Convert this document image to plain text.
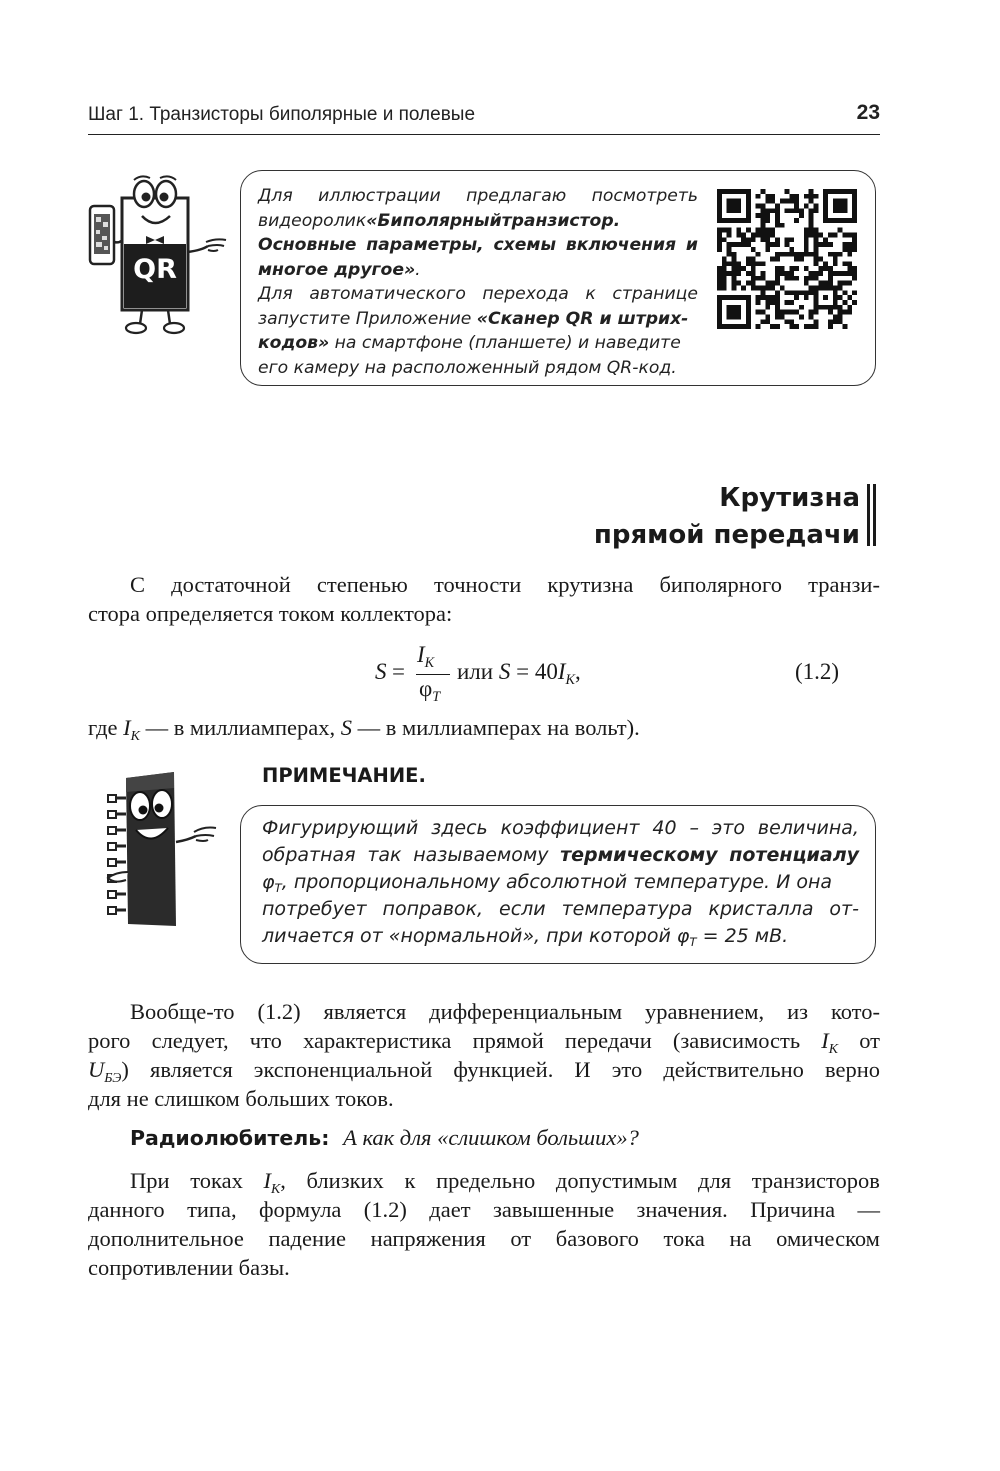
Шаг 1. Транзисторы биполярные и полевые	23
QR
Для иллюстрации предлагаю посмотреть
видеоролик«Биполярныйтранзистор.
Основные параметры, схемы включения и
многое другое».
Для автоматического перехода к странице
запустите Приложение «Сканер QR и штрих-
кодов» на смартфоне (планшете) и наведите
его камеру на расположенный рядом QR-код.
Крутизна
прямой передачи
С достаточной степенью точности крутизна биполярного транзи-
стора определяется током коллектора:
S =
$I_К$
$\varphi_T$
или $S = 40I_К$,	(1.2)
где $I_К$ — в миллиамперах, S — в миллиамперах на вольт).
ПРИМЕЧАНИЕ.
Фигурирующий здесь коэффициент 40 – это величина,
обратная так называемому термическому потенциалу
$\varphi_Т$, пропорциональному абсолютной температуре. И она
потребует поправок, если температура кристалла от-
личается от «нормальной», при которой $\varphi_Т = 25$ мВ.
Вообще-то (1.2) является дифференциальным уравнением, из кото-
рого следует, что характеристика прямой передачи (зависимость $I_К$ от
$U_{БЭ}$) является экспоненциальной функцией. И это действительно верно
для не слишком больших токов.
Радиолюбитель: А как для «слишком больших»?
При токах $I_К$, близких к предельно допустимым для транзисторов
данного типа, формула (1.2) дает завышенные значения. Причина —
дополнительное падение напряжения от базового тока на омическом
сопротивлении базы.
